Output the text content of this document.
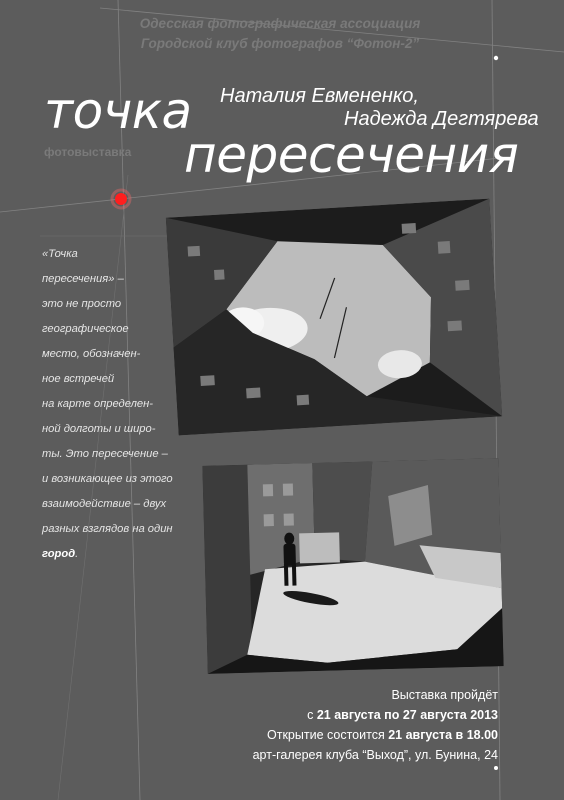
Одесская фотографическая ассоциация
Городской клуб фотографов “Фотон-2”
точка
пересечения
фотовыставка
Наталия Евмененко,
Надежда Дегтярева
«Точка
пересечения» –
это не просто
географическое
место, обозначен-
ное встречей
на карте определен-
ной долготы и широ-
ты. Это пересечение –
и возникающее из этого
взаимодействие – двух
разных взглядов на один
город.
Выставка пройдёт
с 21 августа по 27 августа 2013
Открытие состоится 21 августа в 18.00
арт-галерея клуба “Выход”, ул. Бунина, 24
